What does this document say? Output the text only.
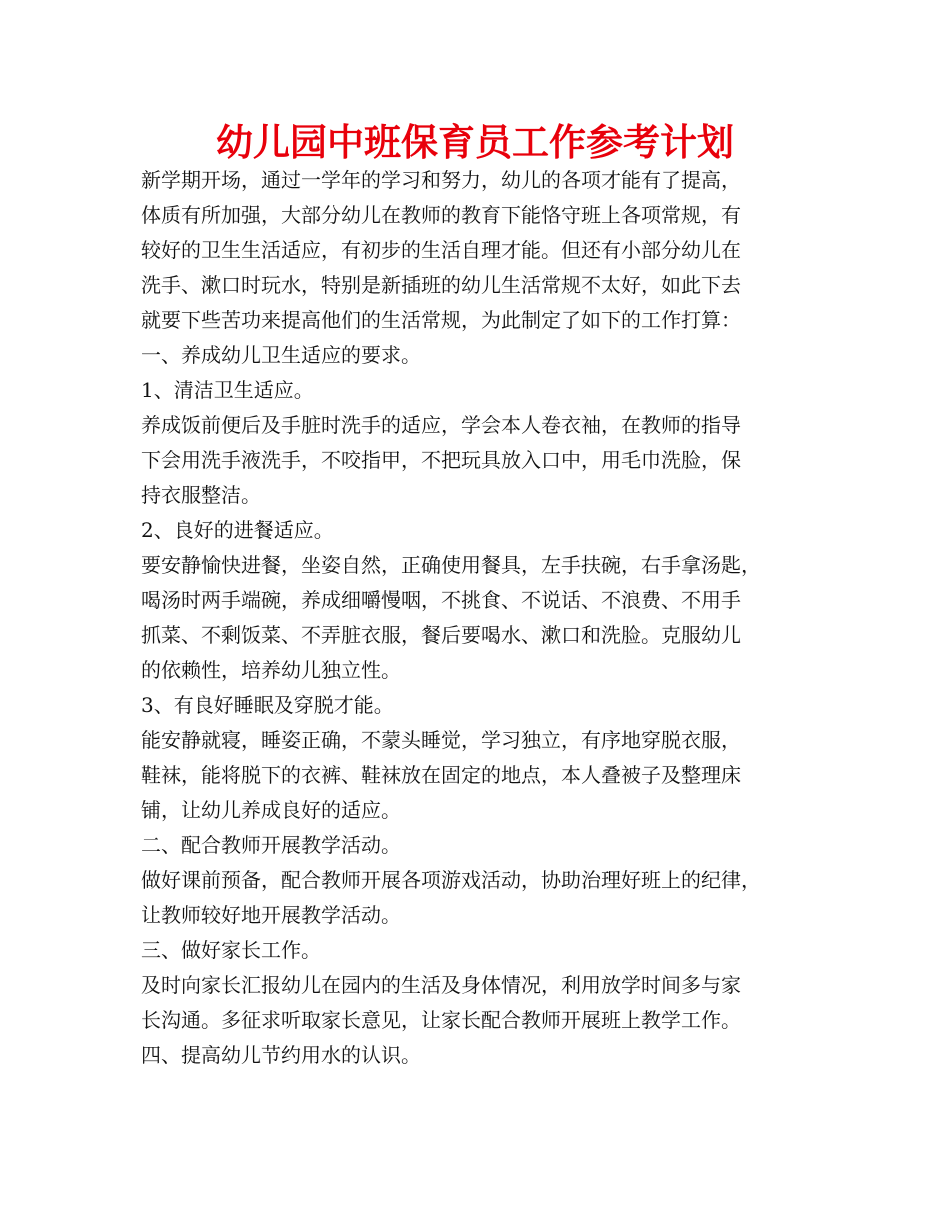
幼儿园中班保育员工作参考计划

新学期开场，通过一学年的学习和努力，幼儿的各项才能有了提高，

体质有所加强，大部分幼儿在教师的教育下能恪守班上各项常规，有

较好的卫生生活适应，有初步的生活自理才能。但还有小部分幼儿在

洗手、漱口时玩水，特别是新插班的幼儿生活常规不太好，如此下去

就要下些苦功来提高他们的生活常规，为此制定了如下的工作打算：

一、养成幼儿卫生适应的要求。

1、清洁卫生适应。

养成饭前便后及手脏时洗手的适应，学会本人卷衣袖，在教师的指导

下会用洗手液洗手，不咬指甲，不把玩具放入口中，用毛巾洗脸，保

持衣服整洁。

2、良好的进餐适应。

要安静愉快进餐，坐姿自然，正确使用餐具，左手扶碗，右手拿汤匙，

喝汤时两手端碗，养成细嚼慢咽，不挑食、不说话、不浪费、不用手

抓菜、不剩饭菜、不弄脏衣服，餐后要喝水、漱口和洗脸。克服幼儿

的依赖性，培养幼儿独立性。

3、有良好睡眠及穿脱才能。

能安静就寝，睡姿正确，不蒙头睡觉，学习独立，有序地穿脱衣服，

鞋袜，能将脱下的衣裤、鞋袜放在固定的地点，本人叠被子及整理床

铺，让幼儿养成良好的适应。

二、配合教师开展教学活动。

做好课前预备，配合教师开展各项游戏活动，协助治理好班上的纪律，

让教师较好地开展教学活动。

三、做好家长工作。

及时向家长汇报幼儿在园内的生活及身体情况，利用放学时间多与家

长沟通。多征求听取家长意见，让家长配合教师开展班上教学工作。

四、提高幼儿节约用水的认识。
